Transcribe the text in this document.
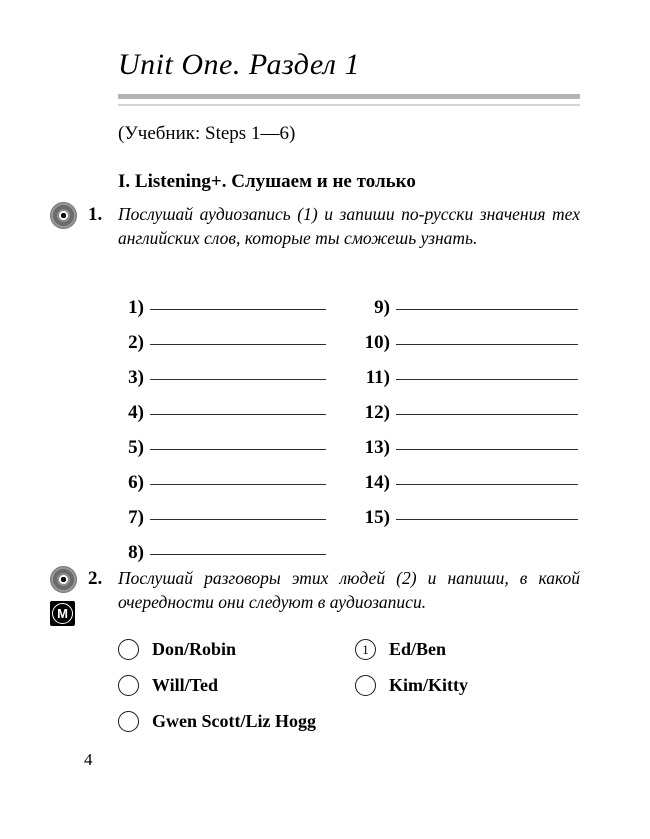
Unit One. Раздел 1
(Учебник: Steps 1—6)
I. Listening+. Слушаем и не только
1. Послушай аудиозапись (1) и запиши по-русски значения тех английских слов, которые ты сможешь узнать.
1)
2)
3)
4)
5)
6)
7)
8)
9)
10)
11)
12)
13)
14)
15)
М
2. Послушай разговоры этих людей (2) и напиши, в какой очередности они следуют в аудиозаписи.
Don/Robin
Will/Ted
Gwen Scott/Liz Hogg
1	Ed/Ben
Kim/Kitty
4
